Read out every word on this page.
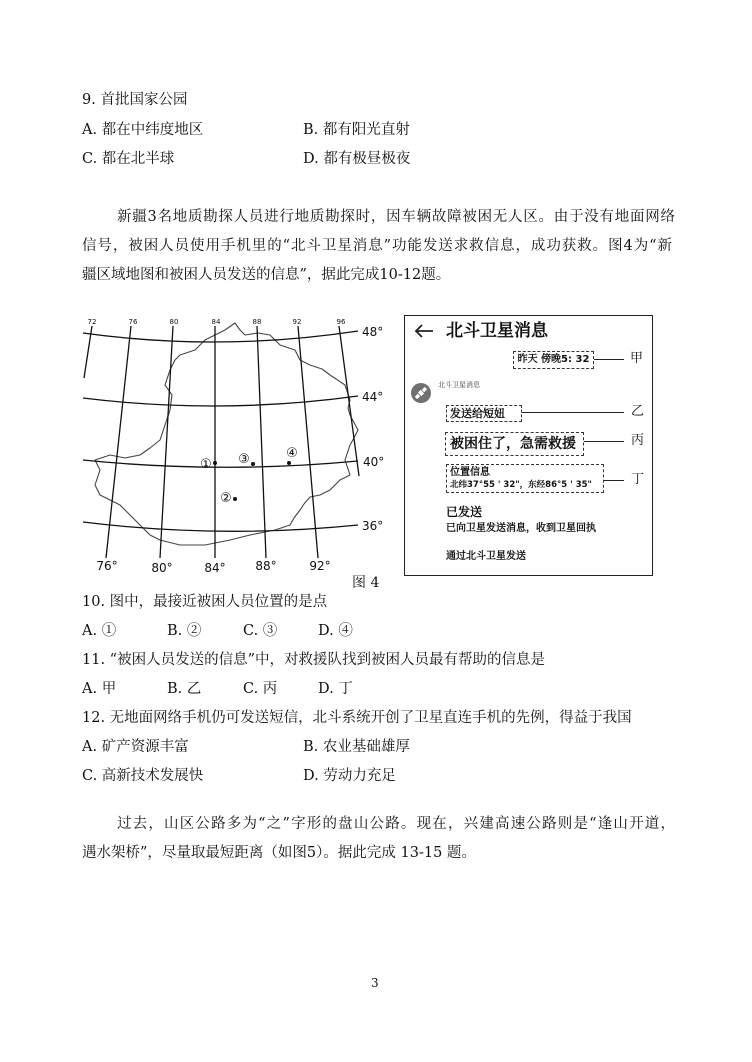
9. 首批国家公园
A. 都在中纬度地区	B. 都有阳光直射
C. 都在北半球	D. 都有极昼极夜
新疆3名地质勘探人员进行地质勘探时，因车辆故障被困无人区。由于没有地面网络
信号，被困人员使用手机里的“北斗卫星消息”功能发送求救信息，成功获救。图4为“新
疆区域地图和被困人员发送的信息”，据此完成10-12题。
72	76	80	84	88	92	96
76°	80°	84° 88°	92°
48°
44°
40°
36°
①
②
③	④
北斗卫星消息
昨天 傍晚5: 32	甲
北斗卫星消息
发送给短妞	乙
被困住了，急需救援	丙
位置信息
北纬37°55 ' 32"，东经86°5 ' 35"	丁
已发送
已向卫星发送消息，收到卫星回执
通过北斗卫星发送
图 4
10. 图中，最接近被困人员位置的是点
A. ①	B. ②	C. ③	D. ④
11. “被困人员发送的信息”中，对救援队找到被困人员最有帮助的信息是
A. 甲	B. 乙	C. 丙	D. 丁
12. 无地面网络手机仍可发送短信，北斗系统开创了卫星直连手机的先例，得益于我国
A. 矿产资源丰富	B. 农业基础雄厚
C. 高新技术发展快	D. 劳动力充足
过去，山区公路多为“之”字形的盘山公路。现在，兴建高速公路则是“逢山开道，
遇水架桥”，尽量取最短距离（如图5）。据此完成 13-15 题。
3
